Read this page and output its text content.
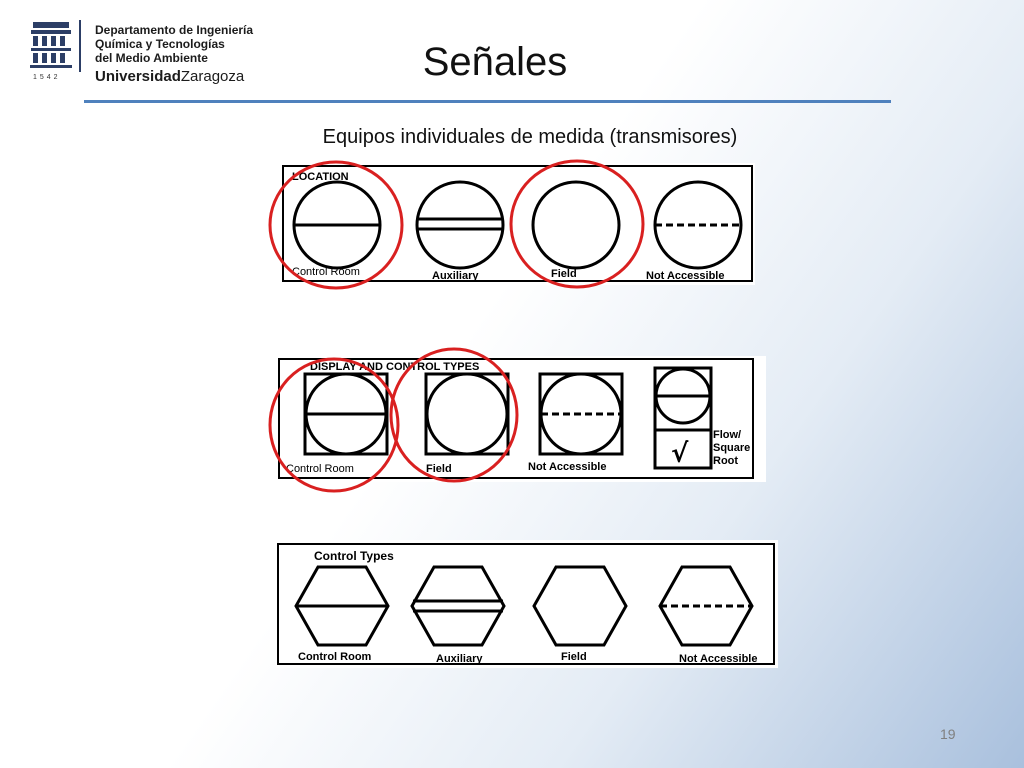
1542
Departamento de Ingeniería
Química y Tecnologías
del Medio Ambiente
UniversidadZaragoza	Señales
Equipos individuales de medida (transmisores)
LOCATION
Control Room	Auxiliary	Field	Not Accessible
DISPLAY AND CONTROL TYPES
√
Flow/
Square
Root
Control Room	Field	Not Accessible
Control Types
Control Room	Auxiliary	Field	Not Accessible
19
